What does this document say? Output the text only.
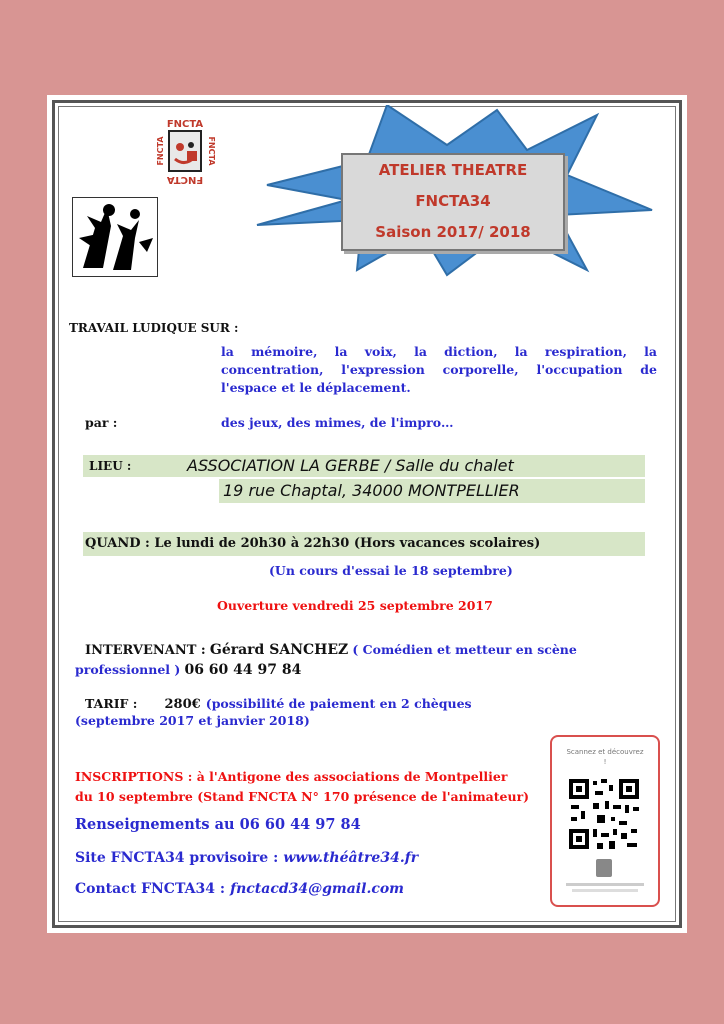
FNCTA
FNCTA
FNCTA	FNCTA
ATELIER THEATRE
FNCTA34
Saison 2017/ 2018
TRAVAIL LUDIQUE SUR :
la mémoire, la voix, la diction, la respiration, la concentration, l'expression corporelle, l'occupation de l'espace et le déplacement.
par :	des jeux, des mimes, de l'impro…
LIEU :	ASSOCIATION LA GERBE / Salle du chalet
19 rue Chaptal, 34000 MONTPELLIER
QUAND : Le lundi de 20h30 à 22h30 (Hors vacances scolaires)
(Un cours d'essai le 18 septembre)
Ouverture vendredi 25 septembre 2017
INTERVENANT : Gérard SANCHEZ ( Comédien et metteur en scène
professionnel ) 06 60 44 97 84
TARIF : 280€ (possibilité de paiement en 2 chèques
(septembre 2017 et janvier 2018)
INSCRIPTIONS : à l'Antigone des associations de Montpellier
du 10 septembre (Stand FNCTA N° 170 présence de l'animateur)
Renseignements au 06 60 44 97 84
Site FNCTA34 provisoire : www.théâtre34.fr
Contact FNCTA34 : fnctacd34@gmail.com
Scannez et découvrez !
